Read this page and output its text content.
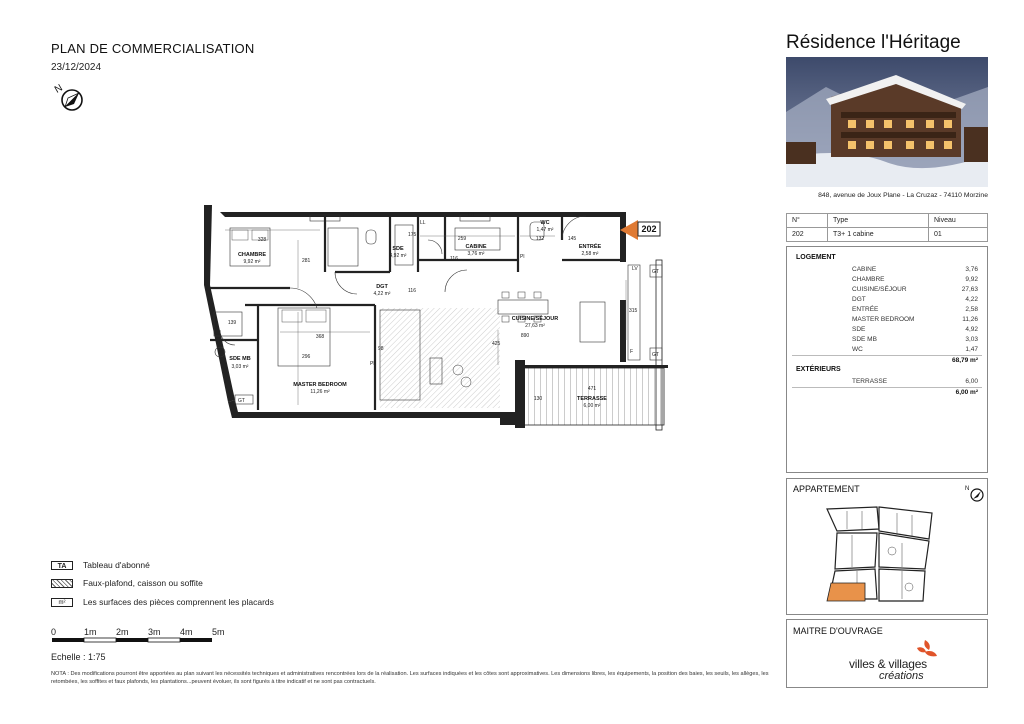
PLAN DE COMMERCIALISATION
23/12/2024
N
CHAMBRE
9,92 m²
SDE
4,92 m²
CABINE
3,76 m²
WC
1,47 m²
ENTRÉE
2,58 m²
DGT
4,22 m²
CUISINE/SÉJOUR
27,63 m²
SDE MB
3,03 m²
MASTER BEDROOM
11,26 m²
TERRASSE
6,00 m²
328	259	145
132
281
175
116
368
296
139
425
315
890
471
130
98
116
GT	GT
LL
GT
GT
GT
LV
Pl
Pl
F
202
TA	Tableau d'abonné
Faux-plafond, caisson ou soffite
m²	Les surfaces des pièces comprennent les placards
0	1m 2m 3m 4m 5m
Echelle : 1:75
NOTA : Des modifications pourront être apportées au plan suivant les nécessités techniques et administratives rencontrées lors de la réalisation. Les surfaces indiquées et les côtes sont approximatives. Les dimensions libres, les équipements, la position des baies, les seuils, les allèges, les retombées, les soffites et faux plafonds, les plantations...peuvent évoluer, ils sont figurés à titre indicatif et ne sont pas contractuels.
Résidence l'Héritage
848, avenue de Joux Plane - La Cruzaz - 74110 Morzine
N°	Type	Niveau
202	T3+ 1 cabine	01
LOGEMENT
CABINE	3,76
CHAMBRE	9,92
CUISINE/SÉJOUR	27,63
DGT	4,22
ENTRÉE	2,58
MASTER BEDROOM	11,26
SDE	4,92
SDE MB	3,03
WC	1,47
68,79 m²
EXTÉRIEURS
TERRASSE	6,00
6,00 m²
APPARTEMENT	N
MAITRE D'OUVRAGE
villes & villages
créations
